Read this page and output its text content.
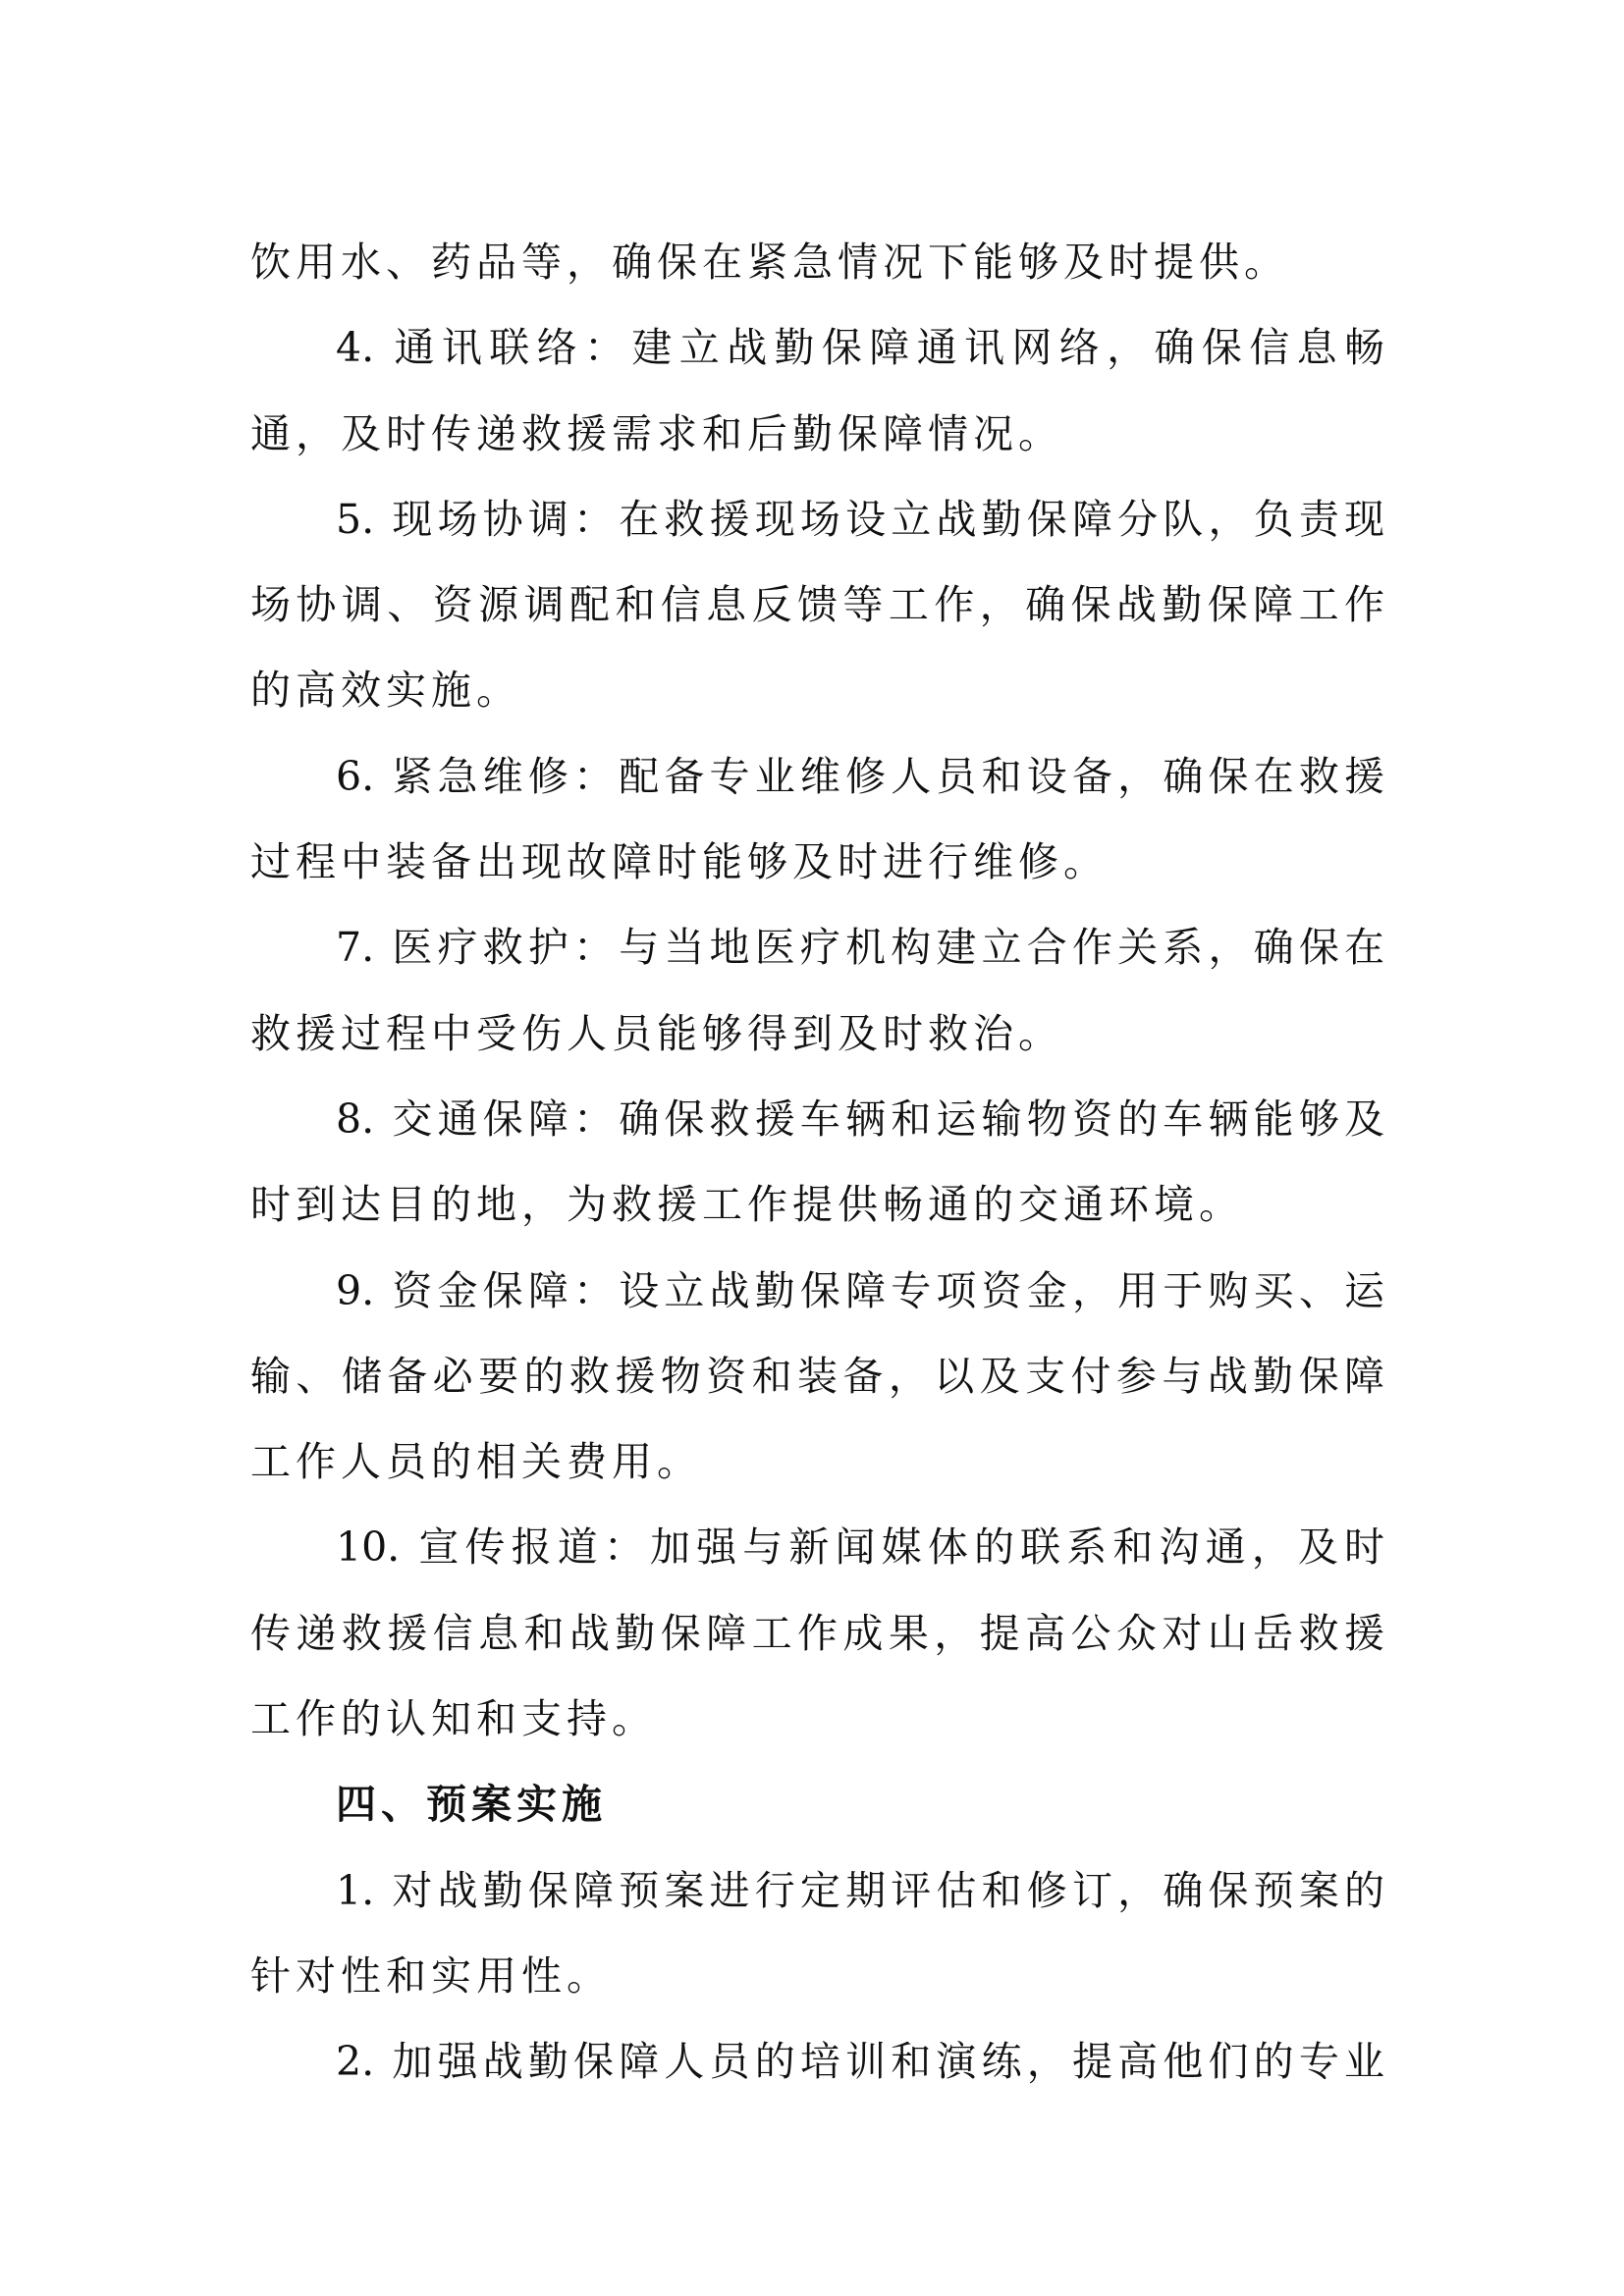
饮用水、药品等，确保在紧急情况下能够及时提供。
4. 通讯联络：建立战勤保障通讯网络，确保信息畅
通，及时传递救援需求和后勤保障情况。
5. 现场协调：在救援现场设立战勤保障分队，负责现
场协调、资源调配和信息反馈等工作，确保战勤保障工作
的高效实施。
6. 紧急维修：配备专业维修人员和设备，确保在救援
过程中装备出现故障时能够及时进行维修。
7. 医疗救护：与当地医疗机构建立合作关系，确保在
救援过程中受伤人员能够得到及时救治。
8. 交通保障：确保救援车辆和运输物资的车辆能够及
时到达目的地，为救援工作提供畅通的交通环境。
9. 资金保障：设立战勤保障专项资金，用于购买、运
输、储备必要的救援物资和装备，以及支付参与战勤保障
工作人员的相关费用。
10. 宣传报道：加强与新闻媒体的联系和沟通，及时
传递救援信息和战勤保障工作成果，提高公众对山岳救援
工作的认知和支持。
四、预案实施
1. 对战勤保障预案进行定期评估和修订，确保预案的
针对性和实用性。
2. 加强战勤保障人员的培训和演练，提高他们的专业
